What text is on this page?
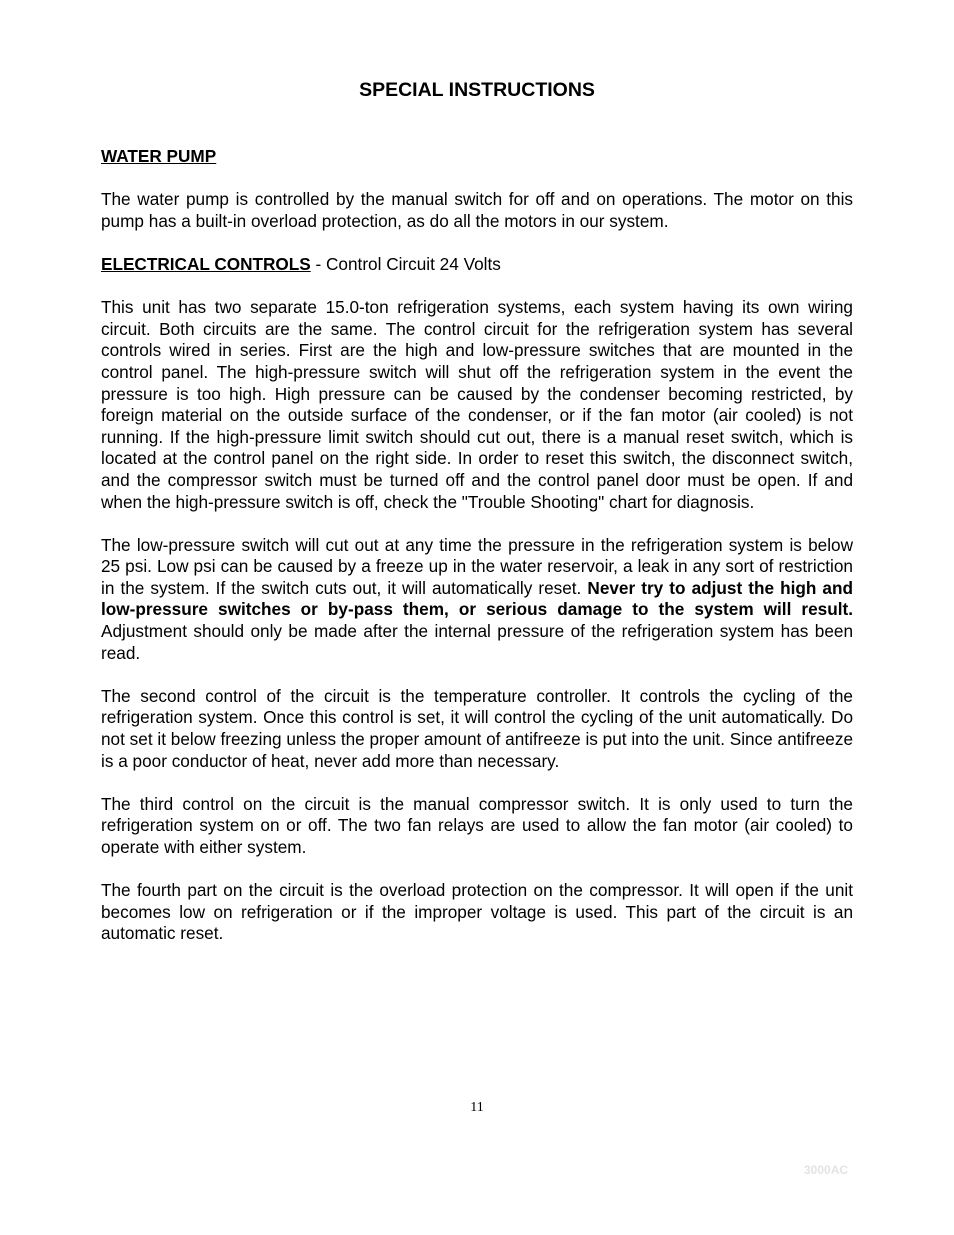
SPECIAL INSTRUCTIONS

WATER PUMP

The water pump is controlled by the manual switch for off and on operations. The motor on this pump has a built-in overload protection, as do all the motors in our system.

ELECTRICAL CONTROLS - Control Circuit 24 Volts

This unit has two separate 15.0-ton refrigeration systems, each system having its own wiring circuit. Both circuits are the same. The control circuit for the refrigeration system has several controls wired in series. First are the high and low-pressure switches that are mounted in the control panel. The high-pressure switch will shut off the refrigeration system in the event the pressure is too high. High pressure can be caused by the condenser becoming restricted, by foreign material on the outside surface of the condenser, or if the fan motor (air cooled) is not running. If the high-pressure limit switch should cut out, there is a manual reset switch, which is located at the control panel on the right side. In order to reset this switch, the disconnect switch, and the compressor switch must be turned off and the control panel door must be open. If and when the high-pressure switch is off, check the "Trouble Shooting" chart for diagnosis.

The low-pressure switch will cut out at any time the pressure in the refrigeration system is below 25 psi. Low psi can be caused by a freeze up in the water reservoir, a leak in any sort of restriction in the system. If the switch cuts out, it will automatically reset. Never try to adjust the high and low-pressure switches or by-pass them, or serious damage to the system will result. Adjustment should only be made after the internal pressure of the refrigeration system has been read.

The second control of the circuit is the temperature controller. It controls the cycling of the refrigeration system. Once this control is set, it will control the cycling of the unit automatically. Do not set it below freezing unless the proper amount of antifreeze is put into the unit. Since antifreeze is a poor conductor of heat, never add more than necessary.

The third control on the circuit is the manual compressor switch. It is only used to turn the refrigeration system on or off. The two fan relays are used to allow the fan motor (air cooled) to operate with either system.

The fourth part on the circuit is the overload protection on the compressor. It will open if the unit becomes low on refrigeration or if the improper voltage is used. This part of the circuit is an automatic reset.

11
3000AC
